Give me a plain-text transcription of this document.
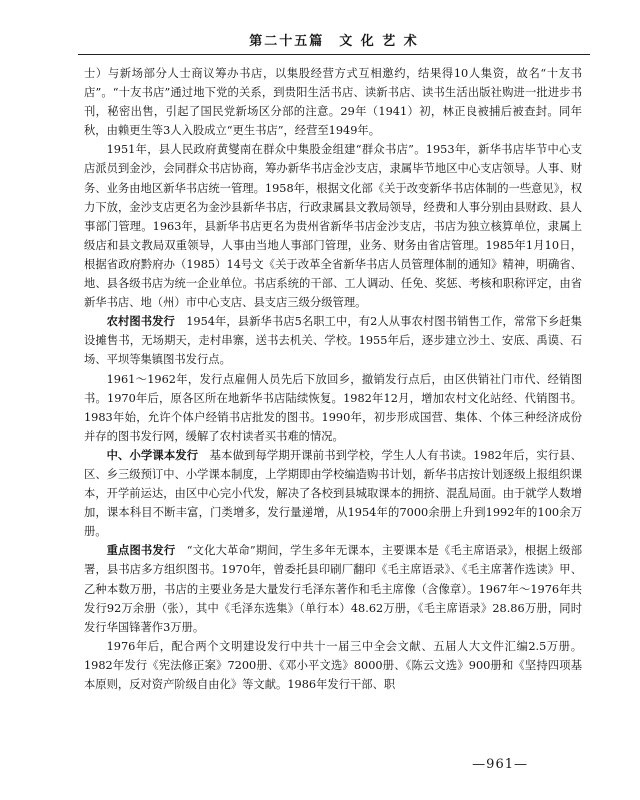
第二十五篇　文 化 艺 术

士）与新场部分人士商议筹办书店，以集股经营方式互相邀约，结果得10人集资，故名“十友书店”。“十友书店”通过地下党的关系，到贵阳生活书店、读新书店、读书生活出版社购进一批进步书刊，秘密出售，引起了国民党新场区分部的注意。29年（1941）初，林正良被捕后被查封。同年秋，由赖更生等3人入股成立“更生书店”，经营至1949年。

1951年，县人民政府黄燮南在群众中集股金组建“群众书店”。1953年，新华书店毕节中心支店派员到金沙，会同群众书店协商，筹办新华书店金沙支店，隶属毕节地区中心支店领导。人事、财务、业务由地区新华书店统一管理。1958年，根据文化部《关于改变新华书店体制的一些意见》，权力下放，金沙支店更名为金沙县新华书店，行政隶属县文教局领导，经费和人事分别由县财政、县人事部门管理。1963年，县新华书店更名为贵州省新华书店金沙支店，书店为独立核算单位，隶属上级店和县文教局双重领导，人事由当地人事部门管理，业务、财务由省店管理。1985年1月10日，根据省政府黔府办（1985）14号文《关于改革全省新华书店人员管理体制的通知》精神，明确省、地、县各级书店为统一企业单位。书店系统的干部、工人调动、任免、奖惩、考核和职称评定，由省新华书店、地（州）市中心支店、县支店三级分级管理。

农村图书发行　1954年，县新华书店5名职工中，有2人从事农村图书销售工作，常常下乡赶集设摊售书，无场期天，走村串寨，送书去机关、学校。1955年后，逐步建立沙土、安底、禹谟、石场、平坝等集镇图书发行点。

1961～1962年，发行点雇佣人员先后下放回乡，撤销发行点后，由区供销社门市代、经销图书。1970年后，原各区所在地新华书店陆续恢复。1982年12月，增加农村文化站经、代销图书。1983年始，允许个体户经销书店批发的图书。1990年，初步形成国营、集体、个体三种经济成份并存的图书发行网，缓解了农村读者买书难的情况。

中、小学课本发行　基本做到每学期开课前书到学校，学生人人有书读。1982年后，实行县、区、乡三级预订中、小学课本制度，上学期即由学校编造购书计划，新华书店按计划逐级上报组织课本，开学前运达，由区中心完小代发，解决了各校到县城取课本的拥挤、混乱局面。由于就学人数增加，课本科目不断丰富，门类增多，发行量递增，从1954年的7000余册上升到1992年的100余万册。

重点图书发行　“文化大革命”期间，学生多年无课本，主要课本是《毛主席语录》，根据上级部署，县书店多方组织图书。1970年，曾委托县印刷厂翻印《毛主席语录》、《毛主席著作选读》甲、乙种本数万册，书店的主要业务是大量发行毛泽东著作和毛主席像（含像章）。1967年～1976年共发行92万余册（张），其中《毛泽东选集》（单行本）48.62万册，《毛主席语录》28.86万册，同时发行华国锋著作3万册。

1976年后，配合两个文明建设发行中共十一届三中全会文献、五届人大文件汇编2.5万册。1982年发行《宪法修正案》7200册、《邓小平文选》8000册、《陈云文选》900册和《坚持四项基本原则，反对资产阶级自由化》等文献。1986年发行干部、职

—961—
